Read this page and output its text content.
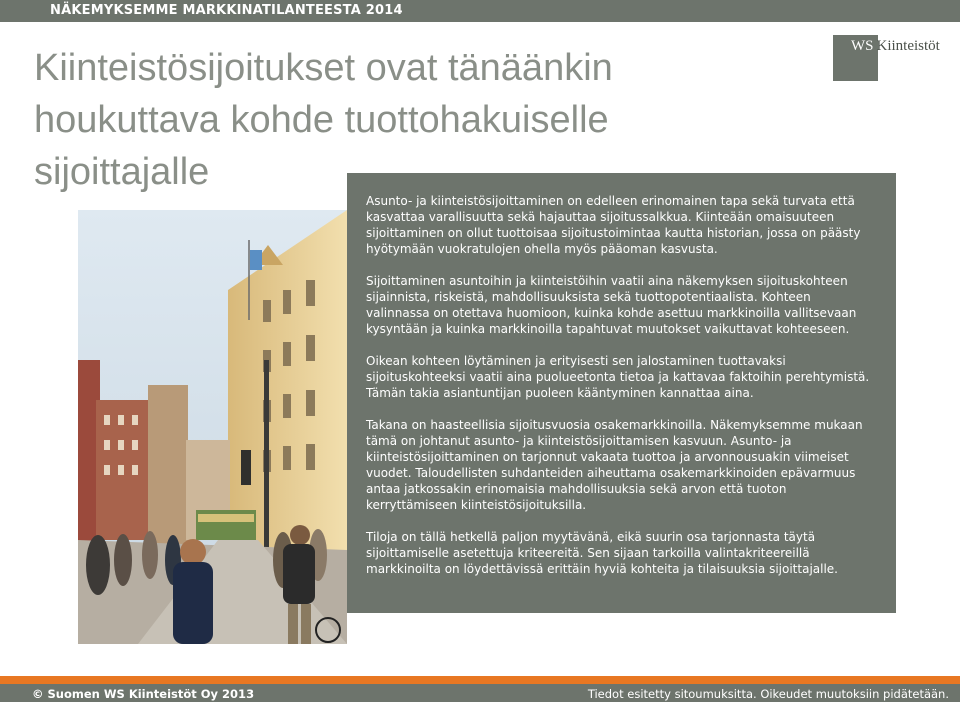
NÄKEMYKSEMME MARKKINATILANTEESTA 2014
WS Kiinteistöt
Kiinteistösijoitukset ovat tänäänkin
houkuttava kohde tuottohakuiselle
sijoittajalle

Asunto- ja kiinteistösijoittaminen on edelleen erinomainen tapa sekä turvata että kasvattaa varallisuutta sekä hajauttaa sijoitussalkkua. Kiinteään omaisuuteen sijoittaminen on ollut tuottoisaa sijoitustoimintaa kautta historian, jossa on päästy hyötymään vuokratulojen ohella myös pääoman kasvusta.

Sijoittaminen asuntoihin ja kiinteistöihin vaatii aina näkemyksen sijoituskohteen sijainnista, riskeistä, mahdollisuuksista sekä tuottopotentiaalista. Kohteen valinnassa on otettava huomioon, kuinka kohde asettuu markkinoilla vallitsevaan kysyntään ja kuinka markkinoilla tapahtuvat muutokset vaikuttavat kohteeseen.

Oikean kohteen löytäminen ja erityisesti sen jalostaminen tuottavaksi sijoituskohteeksi vaatii aina puolueetonta tietoa ja kattavaa faktoihin perehtymistä. Tämän takia asiantuntijan puoleen kääntyminen kannattaa aina.

Takana on haasteellisia sijoitusvuosia osakemarkkinoilla. Näkemyksemme mukaan tämä on johtanut asunto- ja kiinteistösijoittamisen kasvuun. Asunto- ja kiinteistösijoittaminen on tarjonnut vakaata tuottoa ja arvonnousuakin viimeiset vuodet. Taloudellisten suhdanteiden aiheuttama osakemarkkinoiden epävarmuus antaa jatkossakin erinomaisia mahdollisuuksia sekä arvon että tuoton kerryttämiseen kiinteistösijoituksilla.

Tiloja on tällä hetkellä paljon myytävänä, eikä suurin osa tarjonnasta täytä sijoittamiselle asetettuja kriteereitä. Sen sijaan tarkoilla valintakriteereillä markkinoilta on löydettävissä erittäin hyviä kohteita ja tilaisuuksia sijoittajalle.

© Suomen WS Kiinteistöt Oy 2013	Tiedot esitetty sitoumuksitta. Oikeudet muutoksiin pidätetään.
